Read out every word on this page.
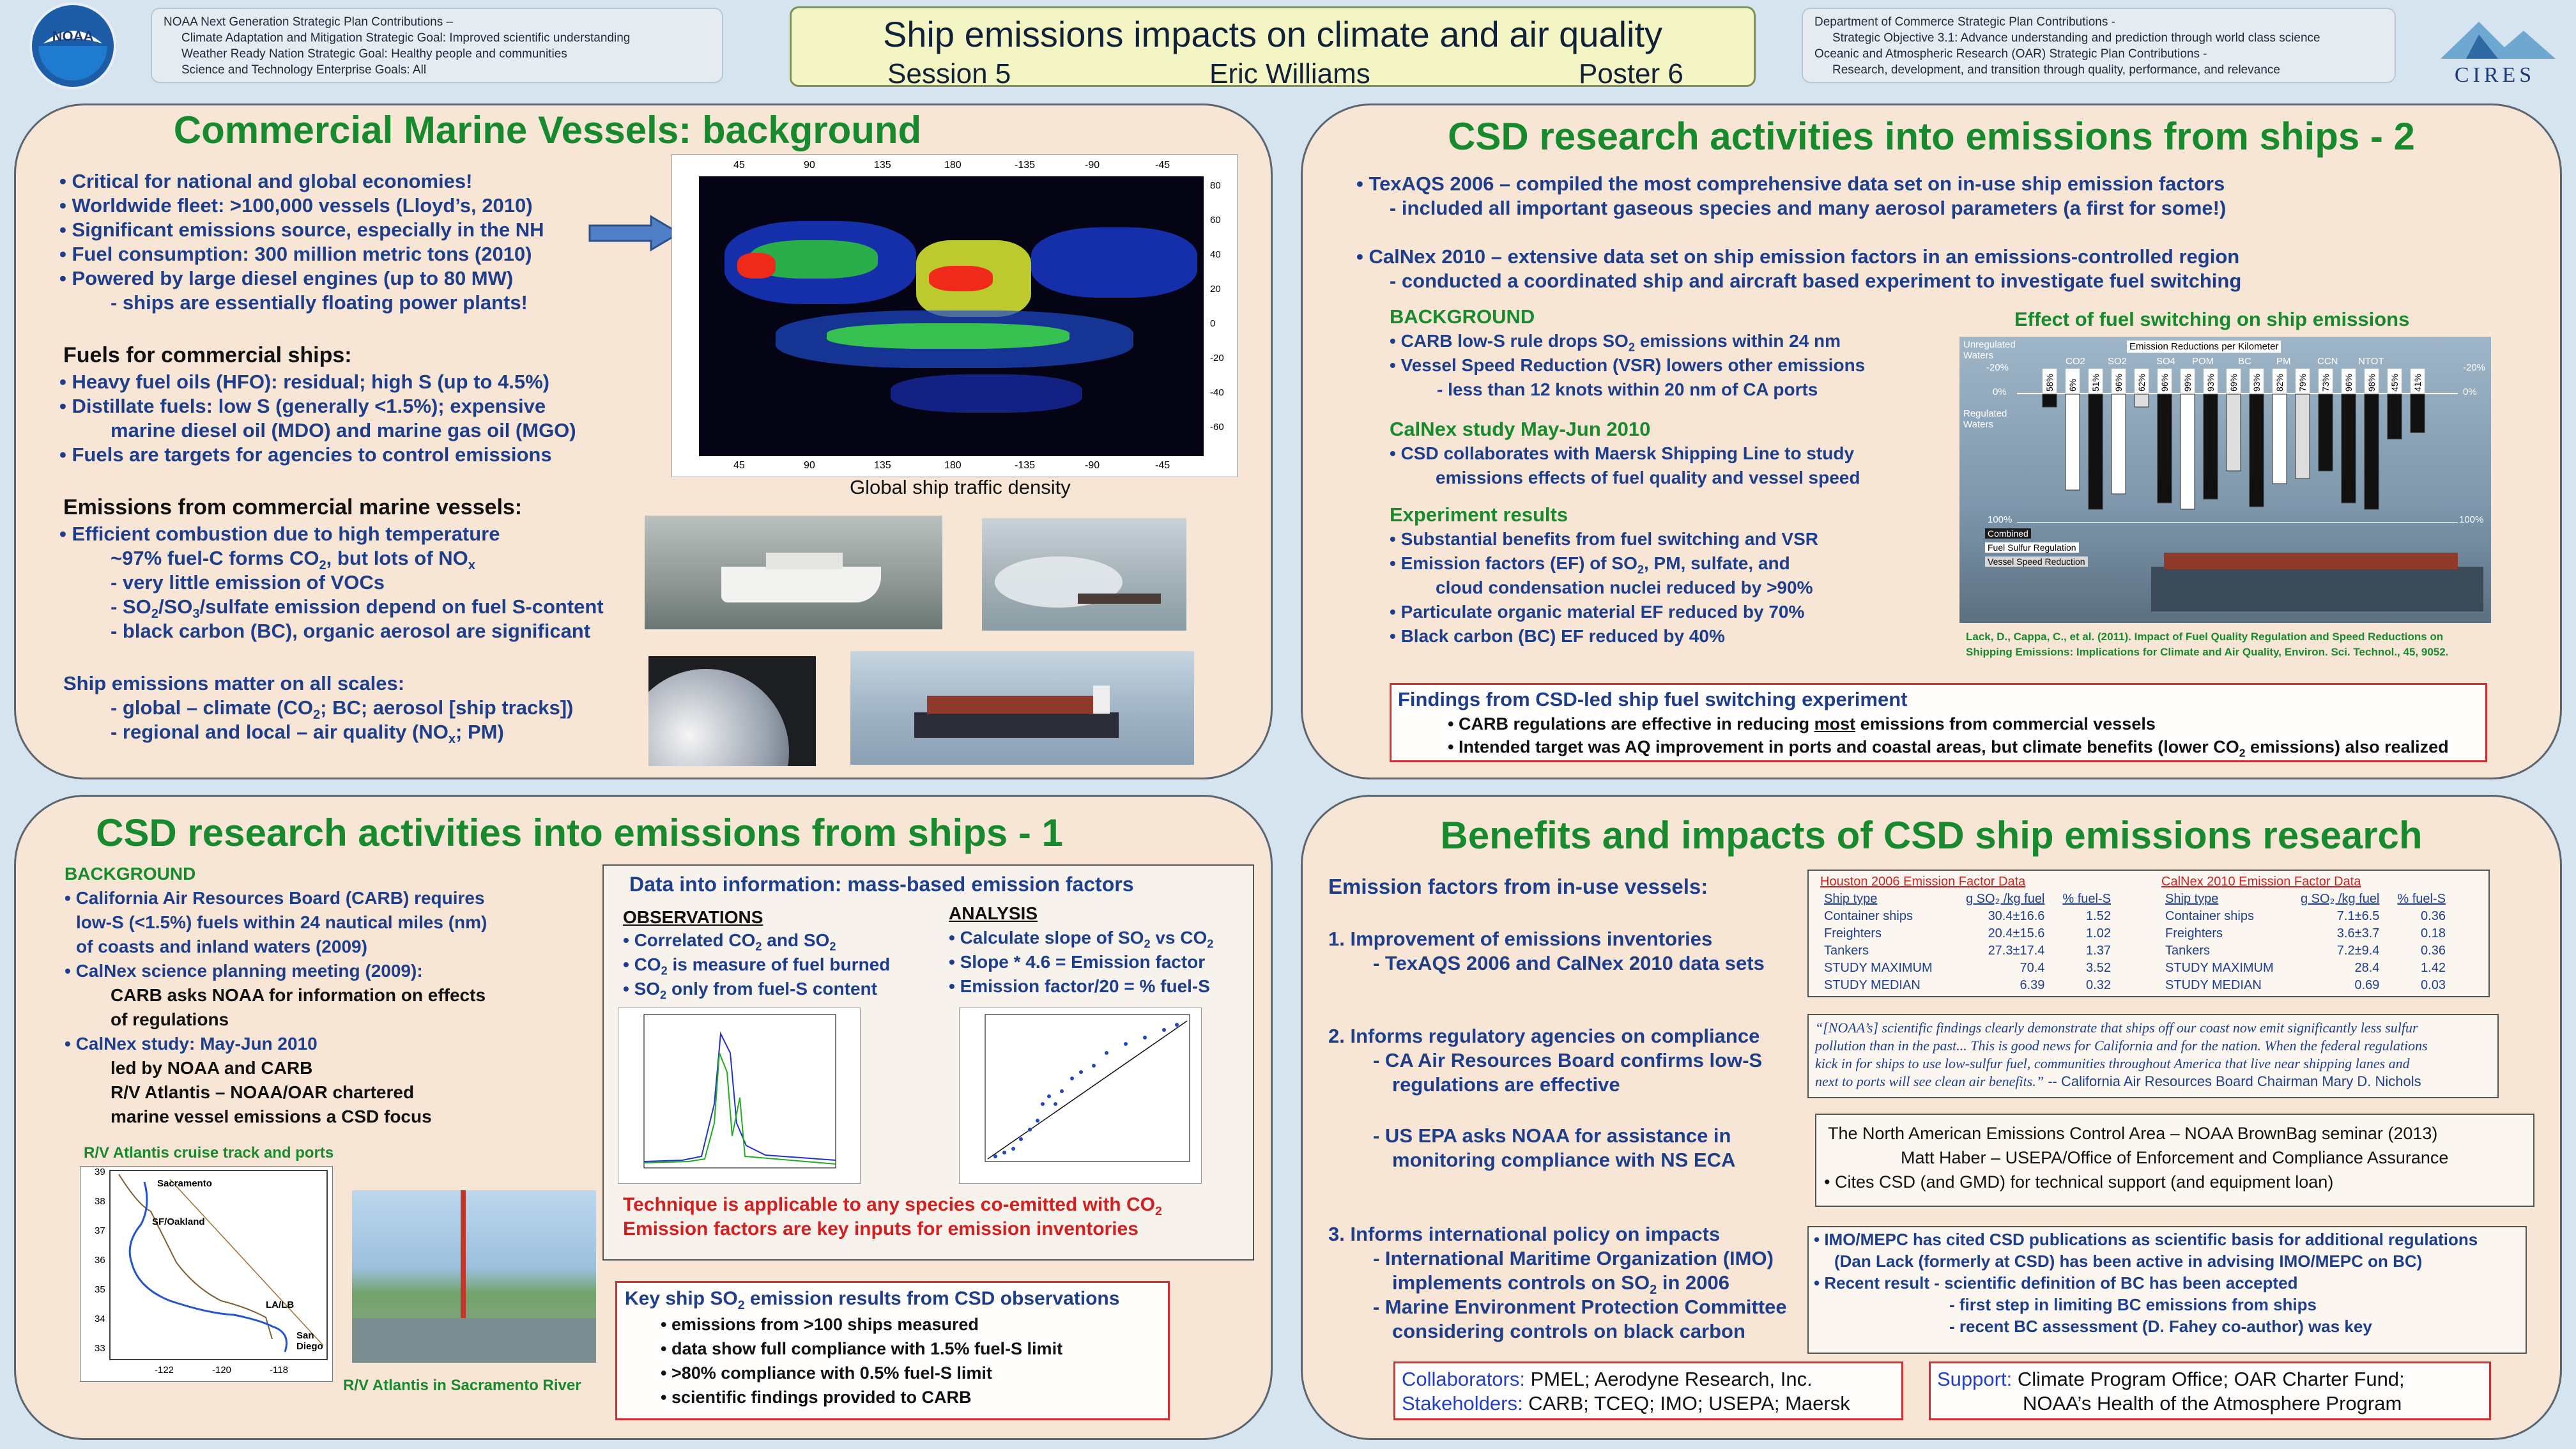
NOAA
NOAA Next Generation Strategic Plan Contributions –
Climate Adaptation and Mitigation Strategic Goal: Improved scientific understanding
Weather Ready Nation Strategic Goal: Healthy people and communities
Science and Technology Enterprise Goals: All
Ship emissions impacts on climate and air quality
Session 5	Eric Williams	Poster 6
Department of Commerce Strategic Plan Contributions -
Strategic Objective 3.1: Advance understanding and prediction through world class science
Oceanic and Atmospheric Research (OAR) Strategic Plan Contributions -
Research, development, and transition through quality, performance, and relevance	CIRES
Commercial Marine Vessels: background
• Critical for national and global economies!
• Worldwide fleet: >100,000 vessels (Lloyd’s, 2010)
• Significant emissions source, especially in the NH
• Fuel consumption: 300 million metric tons (2010)
• Powered by large diesel engines (up to 80 MW)
- ships are essentially floating power plants!
Fuels for commercial ships:
• Heavy fuel oils (HFO): residual; high S (up to 4.5%)
• Distillate fuels: low S (generally <1.5%); expensive
marine diesel oil (MDO) and marine gas oil (MGO)
• Fuels are targets for agencies to control emissions
Emissions from commercial marine vessels:
• Efficient combustion due to high temperature
~97% fuel-C forms $CO_2$, but lots of $NO_x$
- very little emission of VOCs
- $SO_2/SO_3$/sulfate emission depend on fuel S-content
- black carbon (BC), organic aerosol are significant
Ship emissions matter on all scales:
- global – climate ($CO_2$; BC; aerosol [ship tracks])
- regional and local – air quality ($NO_x$; PM)
45	90	135	180	-135	-90	-45
45	90	135	180	-135	-90	-45
80
60
40
20
0
-20
-40
-60
Global ship traffic density
CSD research activities into emissions from ships - 2
• TexAQS 2006 – compiled the most comprehensive data set on in-use ship emission factors
- included all important gaseous species and many aerosol parameters (a first for some!)
• CalNex 2010 – extensive data set on ship emission factors in an emissions-controlled region
- conducted a coordinated ship and aircraft based experiment to investigate fuel switching
BACKGROUND
• CARB low-S rule drops $SO_2$ emissions within 24 nm
• Vessel Speed Reduction (VSR) lowers other emissions
- less than 12 knots within 20 nm of CA ports
CalNex study May-Jun 2010
• CSD collaborates with Maersk Shipping Line to study
emissions effects of fuel quality and vessel speed
Experiment results
• Substantial benefits from fuel switching and VSR
• Emission factors (EF) of $SO_2$, PM, sulfate, and
cloud condensation nuclei reduced by >90%
• Particulate organic material EF reduced by 70%
• Black carbon (BC) EF reduced by 40%
Effect of fuel switching on ship emissions
Unregulated Waters
Regulated Waters
-20%
0%
100%
-20%
0%
100%
Emission Reductions per Kilometer
58% 6% 51% 96% 62% 96% 99% 93% 69% 93% 82% 79% 73% 96% 98% 45% 41%
CO2 SO2	SO4 POM	BC	PM	CCN NTOT
Combined
Fuel Sulfur Regulation
Vessel Speed Reduction
Lack, D., Cappa, C., et al. (2011). Impact of Fuel Quality Regulation and Speed Reductions on
Shipping Emissions: Implications for Climate and Air Quality, Environ. Sci. Technol., 45, 9052.
Findings from CSD-led ship fuel switching experiment
• CARB regulations are effective in reducing most emissions from commercial vessels
• Intended target was AQ improvement in ports and coastal areas, but climate benefits (lower $CO_2$ emissions) also realized
CSD research activities into emissions from ships - 1
BACKGROUND
• California Air Resources Board (CARB) requires
low-S (<1.5%) fuels within 24 nautical miles (nm)
of coasts and inland waters (2009)
• CalNex science planning meeting (2009):
CARB asks NOAA for information on effects
of regulations
• CalNex study: May-Jun 2010
led by NOAA and CARB
R/V Atlantis – NOAA/OAR chartered
marine vessel emissions a CSD focus
R/V Atlantis cruise track and ports
Sacramento
SF/Oakland
LA/LB
San Diego
39
38
37
36
35
34
33
-122	-120	-118
R/V Atlantis in Sacramento River
Data into information: mass-based emission factors
OBSERVATIONS
• Correlated $CO_2$ and $SO_2$
• $CO_2$ is measure of fuel burned
• $SO_2$ only from fuel-S content
ANALYSIS
• Calculate slope of $SO_2$ vs $CO_2$
• Slope * 4.6 = Emission factor
• Emission factor/20 = % fuel-S
Technique is applicable to any species co-emitted with $CO_2$
Emission factors are key inputs for emission inventories
Key ship $SO_2$ emission results from CSD observations
• emissions from >100 ships measured
• data show full compliance with 1.5% fuel-S limit
• >80% compliance with 0.5% fuel-S limit
• scientific findings provided to CARB
Benefits and impacts of CSD ship emissions research
Emission factors from in-use vessels:
1. Improvement of emissions inventories
- TexAQS 2006 and CalNex 2010 data sets
2. Informs regulatory agencies on compliance
- CA Air Resources Board confirms low-S
regulations are effective
- US EPA asks NOAA for assistance in
monitoring compliance with NS ECA
3. Informs international policy on impacts
- International Maritime Organization (IMO)
implements controls on $SO_2$ in 2006
- Marine Environment Protection Committee
considering controls on black carbon
Houston 2006 Emission Factor Data
Ship type	g SO₂ /kg fuel	% fuel-S
Container ships	30.4±16.6	1.52
Freighters	20.4±15.6	1.02
Tankers	27.3±17.4	1.37
STUDY MAXIMUM	70.4	3.52
STUDY MEDIAN	6.39	0.32
CalNex 2010 Emission Factor Data
Ship type	g SO₂ /kg fuel	% fuel-S
Container ships	7.1±6.5	0.36
Freighters	3.6±3.7	0.18
Tankers	7.2±9.4	0.36
STUDY MAXIMUM	28.4	1.42
STUDY MEDIAN	0.69	0.03
“[NOAA’s] scientific findings clearly demonstrate that ships off our coast now emit significantly less sulfur
pollution than in the past... This is good news for California and for the nation. When the federal regulations
kick in for ships to use low-sulfur fuel, communities throughout America that live near shipping lanes and
next to ports will see clean air benefits.” -- California Air Resources Board Chairman Mary D. Nichols
The North American Emissions Control Area – NOAA BrownBag seminar (2013)
Matt Haber – USEPA/Office of Enforcement and Compliance Assurance
• Cites CSD (and GMD) for technical support (and equipment loan)
• IMO/MEPC has cited CSD publications as scientific basis for additional regulations
(Dan Lack (formerly at CSD) has been active in advising IMO/MEPC on BC)
• Recent result - scientific definition of BC has been accepted
- first step in limiting BC emissions from ships
- recent BC assessment (D. Fahey co-author) was key
Collaborators: PMEL; Aerodyne Research, Inc.
Stakeholders: CARB; TCEQ; IMO; USEPA; Maersk
Support: Climate Program Office; OAR Charter Fund;
NOAA’s Health of the Atmosphere Program
